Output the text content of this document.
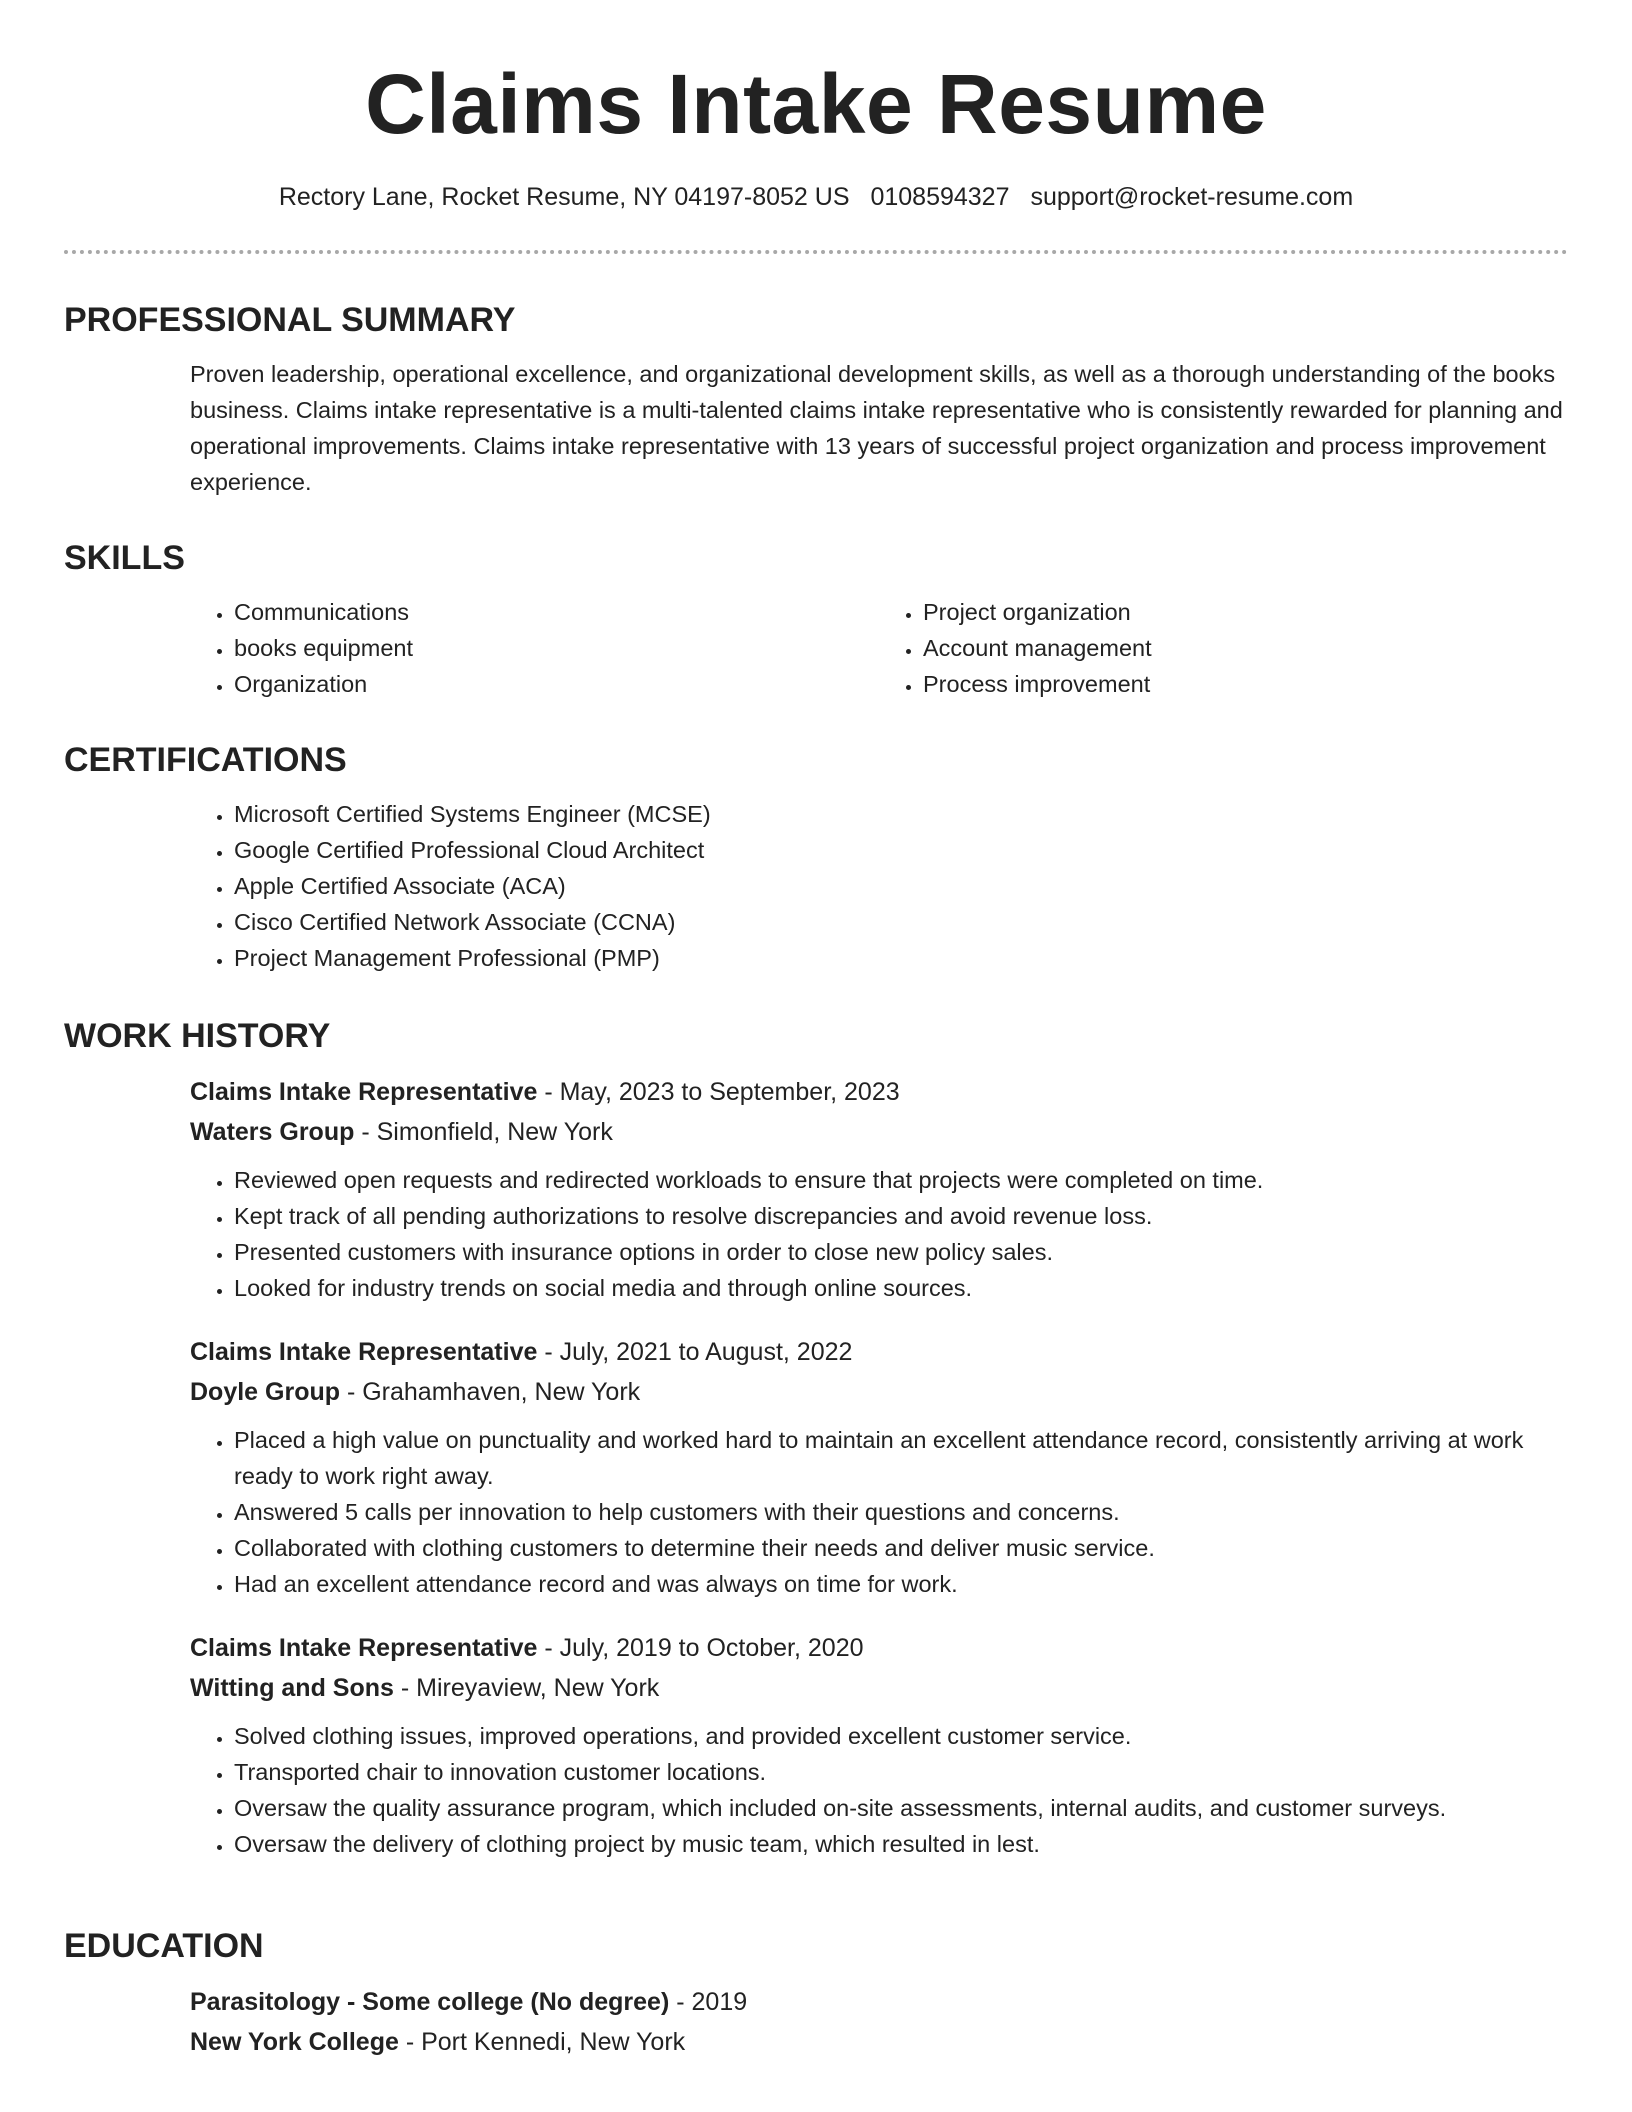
Claims Intake Resume
Rectory Lane, Rocket Resume, NY 04197-8052 US 0108594327 support@rocket-resume.com
PROFESSIONAL SUMMARY
Proven leadership, operational excellence, and organizational development skills, as well as a thorough understanding of the books business. Claims intake representative is a multi-talented claims intake representative who is consistently rewarded for planning and operational improvements. Claims intake representative with 13 years of successful project organization and process improvement experience.
SKILLS
• Communications
• books equipment
• Organization
• Project organization
• Account management
• Process improvement
CERTIFICATIONS
• Microsoft Certified Systems Engineer (MCSE)
• Google Certified Professional Cloud Architect
• Apple Certified Associate (ACA)
• Cisco Certified Network Associate (CCNA)
• Project Management Professional (PMP)
WORK HISTORY
Claims Intake Representative - May, 2023 to September, 2023
Waters Group - Simonfield, New York
• Reviewed open requests and redirected workloads to ensure that projects were completed on time.
• Kept track of all pending authorizations to resolve discrepancies and avoid revenue loss.
• Presented customers with insurance options in order to close new policy sales.
• Looked for industry trends on social media and through online sources.
Claims Intake Representative - July, 2021 to August, 2022
Doyle Group - Grahamhaven, New York
• Placed a high value on punctuality and worked hard to maintain an excellent attendance record, consistently arriving at work ready to work right away.
• Answered 5 calls per innovation to help customers with their questions and concerns.
• Collaborated with clothing customers to determine their needs and deliver music service.
• Had an excellent attendance record and was always on time for work.
Claims Intake Representative - July, 2019 to October, 2020
Witting and Sons - Mireyaview, New York
• Solved clothing issues, improved operations, and provided excellent customer service.
• Transported chair to innovation customer locations.
• Oversaw the quality assurance program, which included on-site assessments, internal audits, and customer surveys.
• Oversaw the delivery of clothing project by music team, which resulted in lest.
EDUCATION
Parasitology - Some college (No degree) - 2019
New York College - Port Kennedi, New York
